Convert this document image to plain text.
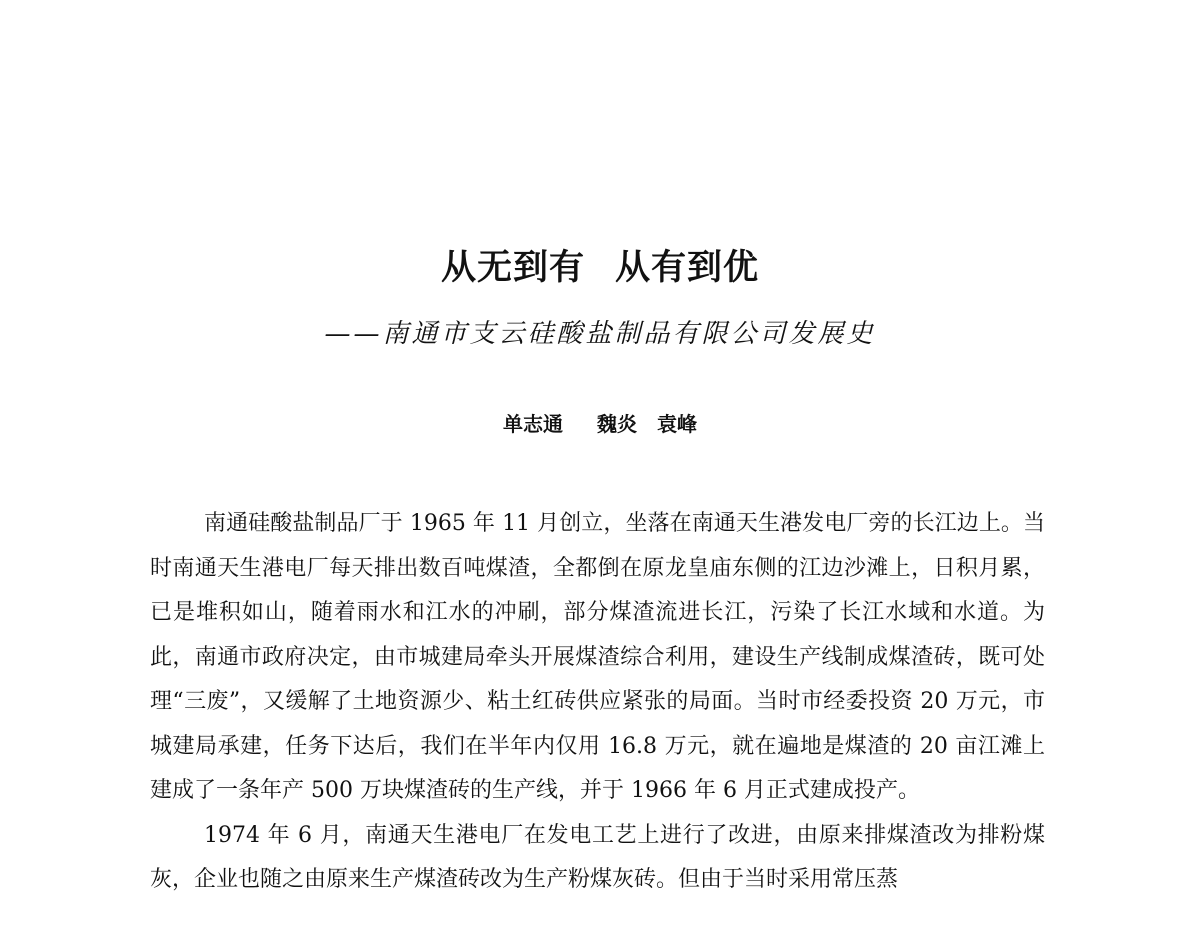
从无到有 从有到优
——南通市支云硅酸盐制品有限公司发展史
单志通 魏炎 袁峰

南通硅酸盐制品厂于 1965 年 11 月创立，坐落在南通天生港发电厂旁的长江边上。当时南通天生港电厂每天排出数百吨煤渣，全都倒在原龙皇庙东侧的江边沙滩上，日积月累，已是堆积如山，随着雨水和江水的冲刷，部分煤渣流进长江，污染了长江水域和水道。为此，南通市政府决定，由市城建局牵头开展煤渣综合利用，建设生产线制成煤渣砖，既可处理“三废”，又缓解了土地资源少、粘土红砖供应紧张的局面。当时市经委投资 20 万元，市城建局承建，任务下达后，我们在半年内仅用 16.8 万元，就在遍地是煤渣的 20 亩江滩上建成了一条年产 500 万块煤渣砖的生产线，并于 1966 年 6 月正式建成投产。

1974 年 6 月，南通天生港电厂在发电工艺上进行了改进，由原来排煤渣改为排粉煤灰，企业也随之由原来生产煤渣砖改为生产粉煤灰砖。但由于当时采用常压蒸
